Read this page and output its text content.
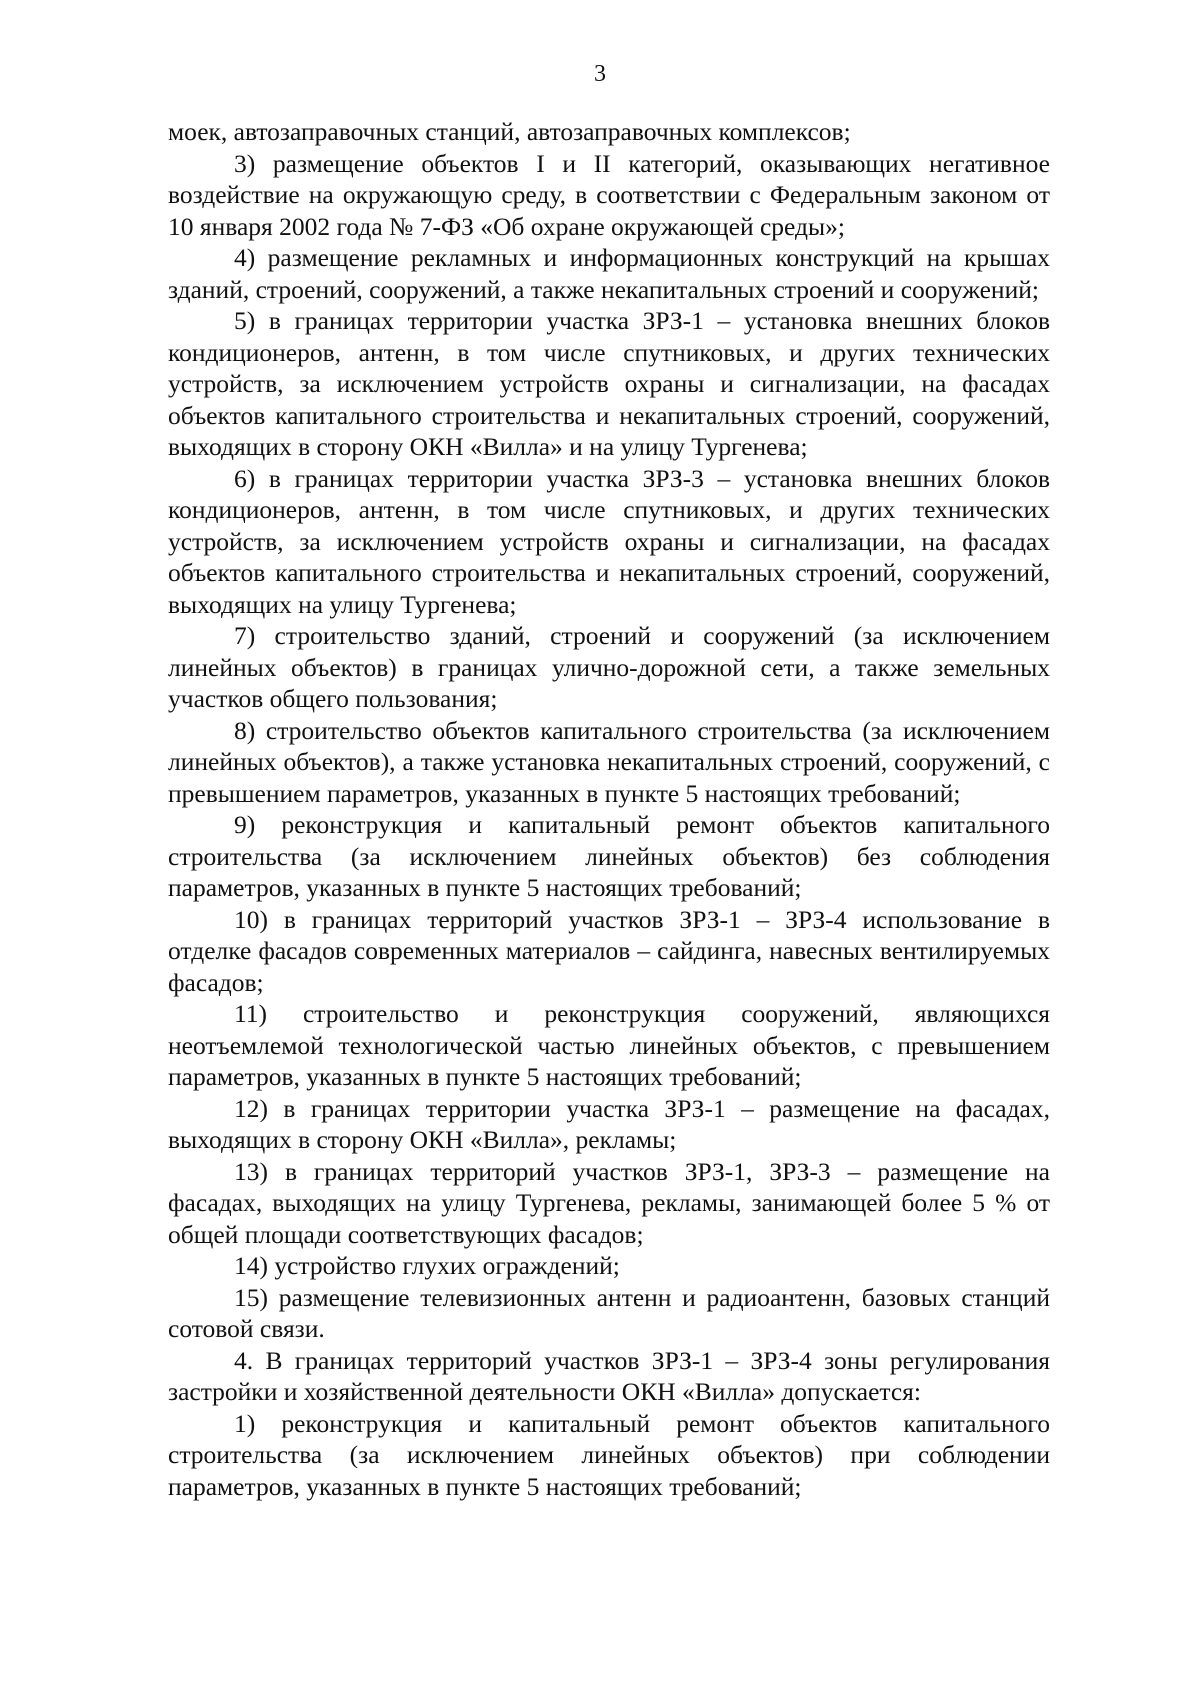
3

моек, автозаправочных станций, автозаправочных комплексов;

3) размещение объектов I и II категорий, оказывающих негативное воздействие на окружающую среду, в соответствии с Федеральным законом от 10 января 2002 года № 7-ФЗ «Об охране окружающей среды»;

4) размещение рекламных и информационных конструкций на крышах зданий, строений, сооружений, а также некапитальных строений и сооружений;

5) в границах территории участка ЗРЗ-1 – установка внешних блоков кондиционеров, антенн, в том числе спутниковых, и других технических устройств, за исключением устройств охраны и сигнализации, на фасадах объектов капитального строительства и некапитальных строений, сооружений, выходящих в сторону ОКН «Вилла» и на улицу Тургенева;

6) в границах территории участка ЗРЗ-3 – установка внешних блоков кондиционеров, антенн, в том числе спутниковых, и других технических устройств, за исключением устройств охраны и сигнализации, на фасадах объектов капитального строительства и некапитальных строений, сооружений, выходящих на улицу Тургенева;

7) строительство зданий, строений и сооружений (за исключением линейных объектов) в границах улично-дорожной сети, а также земельных участков общего пользования;

8) строительство объектов капитального строительства (за исключением линейных объектов), а также установка некапитальных строений, сооружений, с превышением параметров, указанных в пункте 5 настоящих требований;

9) реконструкция и капитальный ремонт объектов капитального строительства (за исключением линейных объектов) без соблюдения параметров, указанных в пункте 5 настоящих требований;

10) в границах территорий участков ЗРЗ-1 – ЗРЗ-4 использование в отделке фасадов современных материалов – сайдинга, навесных вентилируемых фасадов;

11) строительство и реконструкция сооружений, являющихся неотъемлемой технологической частью линейных объектов, с превышением параметров, указанных в пункте 5 настоящих требований;

12) в границах территории участка ЗРЗ-1 – размещение на фасадах, выходящих в сторону ОКН «Вилла», рекламы;

13) в границах территорий участков ЗРЗ-1, ЗРЗ-3 – размещение на фасадах, выходящих на улицу Тургенева, рекламы, занимающей более 5 % от общей площади соответствующих фасадов;

14) устройство глухих ограждений;

15) размещение телевизионных антенн и радиоантенн, базовых станций сотовой связи.

4. В границах территорий участков ЗРЗ-1 – ЗРЗ-4 зоны регулирования застройки и хозяйственной деятельности ОКН «Вилла» допускается:

1) реконструкция и капитальный ремонт объектов капитального строительства (за исключением линейных объектов) при соблюдении параметров, указанных в пункте 5 настоящих требований;
